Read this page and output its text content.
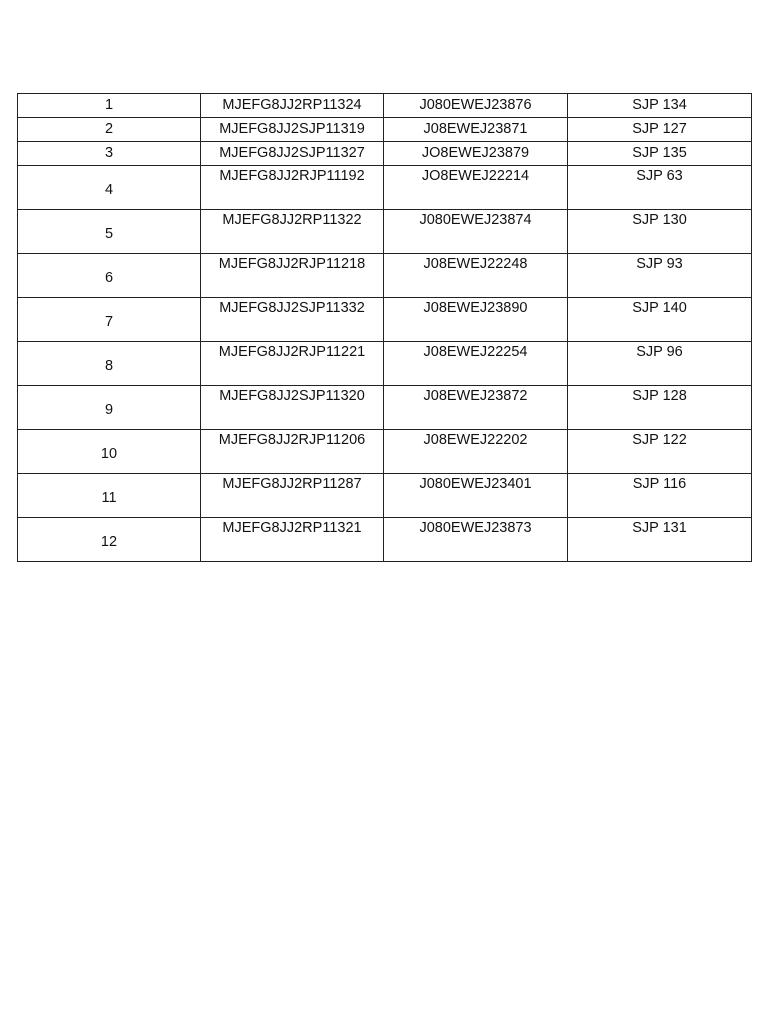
1	MJEFG8JJ2RP11324	J080EWEJ23876	SJP 134
2	MJEFG8JJ2SJP11319	J08EWEJ23871	SJP 127
3	MJEFG8JJ2SJP11327	JO8EWEJ23879	SJP 135
4	MJEFG8JJ2RJP11192	JO8EWEJ22214	SJP 63
5	MJEFG8JJ2RP11322	J080EWEJ23874	SJP 130
6	MJEFG8JJ2RJP11218	J08EWEJ22248	SJP 93
7	MJEFG8JJ2SJP11332	J08EWEJ23890	SJP 140
8	MJEFG8JJ2RJP11221	J08EWEJ22254	SJP 96
9	MJEFG8JJ2SJP11320	J08EWEJ23872	SJP 128
10	MJEFG8JJ2RJP11206	J08EWEJ22202	SJP 122
11	MJEFG8JJ2RP11287	J080EWEJ23401	SJP 116
12	MJEFG8JJ2RP11321	J080EWEJ23873	SJP 131
